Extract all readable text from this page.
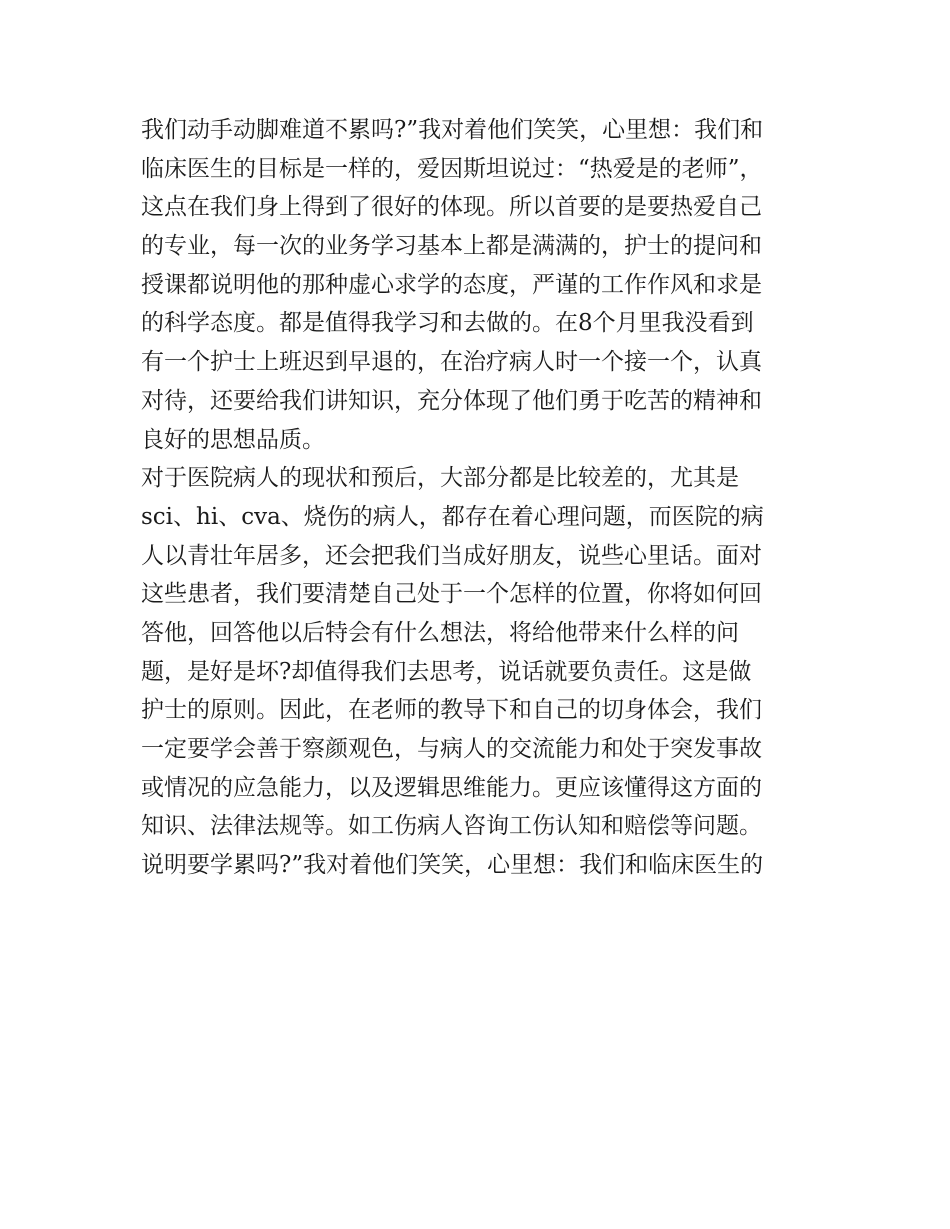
我们动手动脚难道不累吗?”我对着他们笑笑，心里想：我们和
临床医生的目标是一样的，爱因斯坦说过：“热爱是的老师”，
这点在我们身上得到了很好的体现。所以首要的是要热爱自己
的专业，每一次的业务学习基本上都是满满的，护士的提问和
授课都说明他的那种虚心求学的态度，严谨的工作作风和求是
的科学态度。都是值得我学习和去做的。在8个月里我没看到
有一个护士上班迟到早退的，在治疗病人时一个接一个，认真
对待，还要给我们讲知识，充分体现了他们勇于吃苦的精神和
良好的思想品质。
对于医院病人的现状和预后，大部分都是比较差的，尤其是
sci、hi、cva、烧伤的病人，都存在着心理问题，而医院的病
人以青壮年居多，还会把我们当成好朋友，说些心里话。面对
这些患者，我们要清楚自己处于一个怎样的位置，你将如何回
答他，回答他以后特会有什么想法，将给他带来什么样的问
题，是好是坏?却值得我们去思考，说话就要负责任。这是做
护士的原则。因此，在老师的教导下和自己的切身体会，我们
一定要学会善于察颜观色，与病人的交流能力和处于突发事故
或情况的应急能力，以及逻辑思维能力。更应该懂得这方面的
知识、法律法规等。如工伤病人咨询工伤认知和赔偿等问题。
说明要学累吗?”我对着他们笑笑，心里想：我们和临床医生的
